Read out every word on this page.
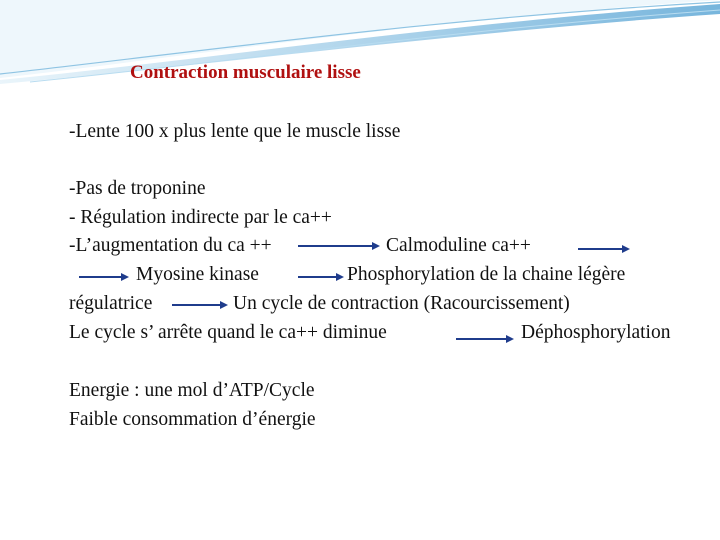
Contraction musculaire lisse
-Lente 100 x plus lente que le muscle lisse
-Pas de troponine
- Régulation indirecte par le ca++
-L’augmentation du ca ++	Calmoduline ca++
Myosine kinase	Phosphorylation de la chaine légère
régulatrice	Un cycle de contraction (Racourcissement)
Le cycle s’ arrête quand le ca++ diminue	Déphosphorylation
Energie : une mol d’ATP/Cycle
Faible consommation d’énergie
